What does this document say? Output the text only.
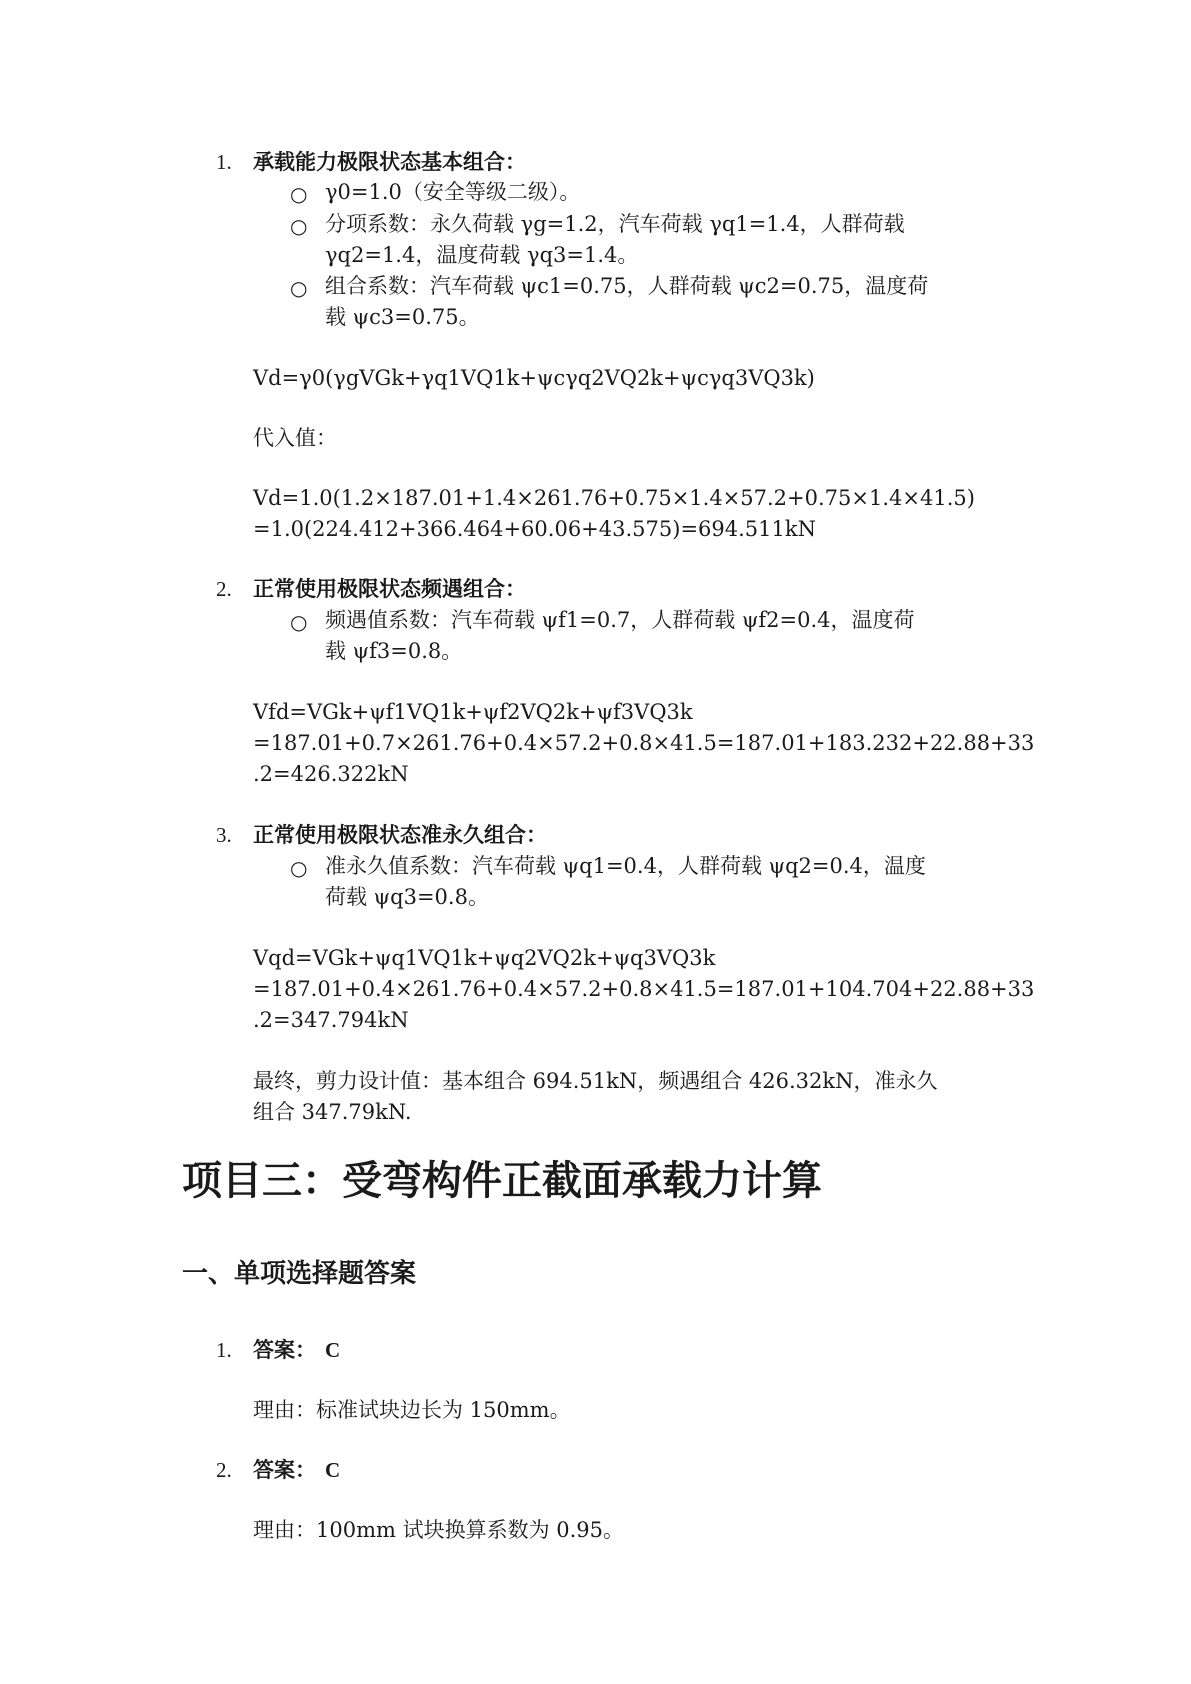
1. 承载能力极限状态基本组合：
○ γ0=1.0（安全等级二级）。
○ 分项系数：永久荷载 γg=1.2，汽车荷载 γq1=1.4，人群荷载
γq2=1.4，温度荷载 γq3=1.4。
○ 组合系数：汽车荷载 ψc1=0.75，人群荷载 ψc2=0.75，温度荷
载 ψc3=0.75。
Vd=γ0(γgVGk+γq1VQ1k+ψcγq2VQ2k+ψcγq3VQ3k)
代入值：
Vd=1.0(1.2×187.01+1.4×261.76+0.75×1.4×57.2+0.75×1.4×41.5)
=1.0(224.412+366.464+60.06+43.575)=694.511kN
2. 正常使用极限状态频遇组合：
○ 频遇值系数：汽车荷载 ψf1=0.7，人群荷载 ψf2=0.4，温度荷
载 ψf3=0.8。
Vfd=VGk+ψf1VQ1k+ψf2VQ2k+ψf3VQ3k
=187.01+0.7×261.76+0.4×57.2+0.8×41.5=187.01+183.232+22.88+33
.2=426.322kN
3. 正常使用极限状态准永久组合：
○ 准永久值系数：汽车荷载 ψq1=0.4，人群荷载 ψq2=0.4，温度
荷载 ψq3=0.8。
Vqd=VGk+ψq1VQ1k+ψq2VQ2k+ψq3VQ3k
=187.01+0.4×261.76+0.4×57.2+0.8×41.5=187.01+104.704+22.88+33
.2=347.794kN
最终，剪力设计值：基本组合 694.51kN，频遇组合 426.32kN，准永久
组合 347.79kN.
项目三：受弯构件正截面承载力计算
一、单项选择题答案
1. 答案： C
理由：标准试块边长为 150mm。
2. 答案： C
理由：100mm 试块换算系数为 0.95。
